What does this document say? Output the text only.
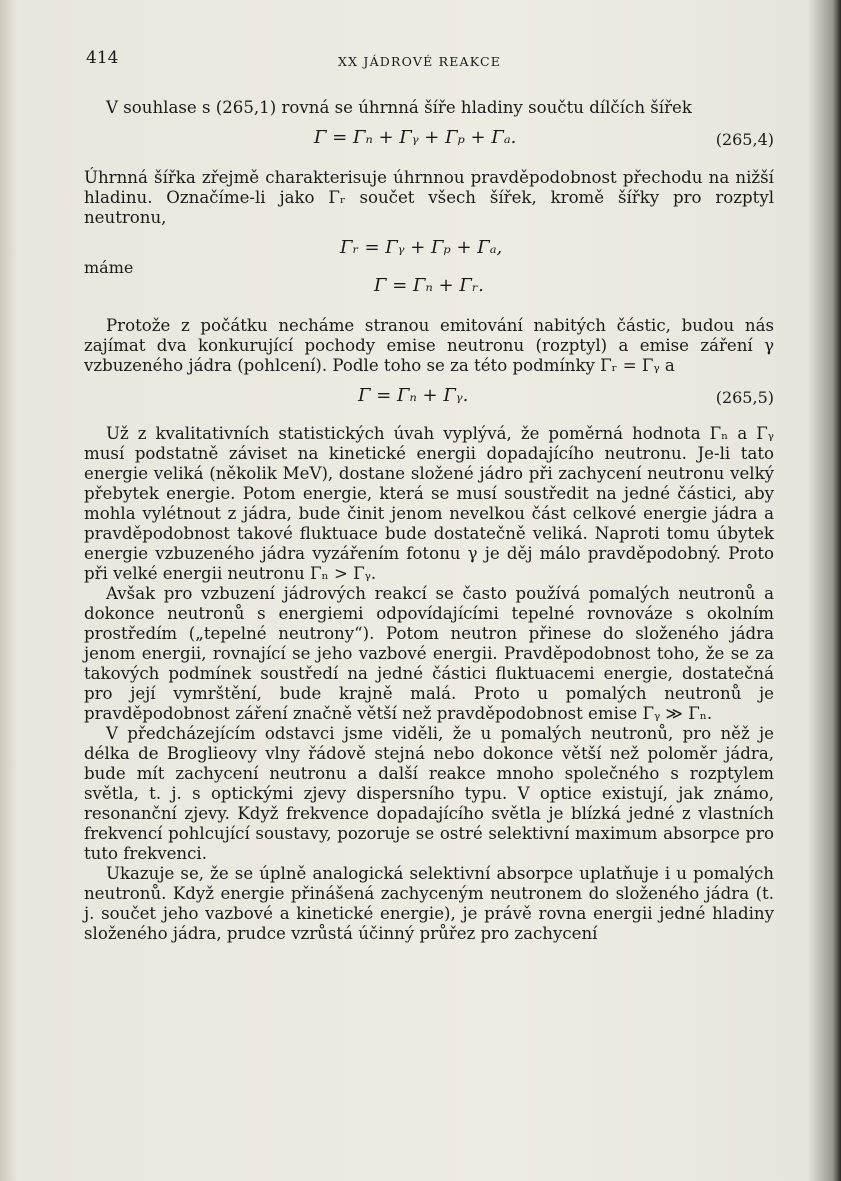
414	XX JÁDROVÉ REAKCE

V souhlase s (265,1) rovná se úhrnná šíře hladiny součtu dílčích šířek

Γ = Γₙ + Γᵧ + Γₚ + Γₐ.	(265,4)

Úhrnná šířka zřejmě charakterisuje úhrnnou pravděpodobnost přechodu na nižší hladinu. Označíme-li jako Γᵣ součet všech šířek, kromě šířky pro rozptyl neutronu,

máme
Γᵣ = Γᵧ + Γₚ + Γₐ,
Γ = Γₙ + Γᵣ.

Protože z počátku necháme stranou emitování nabitých částic, budou nás zajímat dva konkurující pochody emise neutronu (rozptyl) a emise záření γ vzbuzeného jádra (pohlcení). Podle toho se za této podmínky Γᵣ = Γᵧ a

Γ = Γₙ + Γᵧ.	(265,5)

Už z kvalitativních statistických úvah vyplývá, že poměrná hodnota Γₙ a Γᵧ musí podstatně záviset na kinetické energii dopadajícího neutronu. Je-li tato energie veliká (několik MeV), dostane složené jádro při zachycení neutronu velký přebytek energie. Potom energie, která se musí soustředit na jedné částici, aby mohla vylétnout z jádra, bude činit jenom nevelkou část celkové energie jádra a pravděpodobnost takové fluktuace bude dostatečně veliká. Naproti tomu úbytek energie vzbuzeného jádra vyzářením fotonu γ je děj málo pravděpodobný. Proto při velké energii neutronu Γₙ > Γᵧ.

Avšak pro vzbuzení jádrových reakcí se často používá pomalých neutronů a dokonce neutronů s energiemi odpovídajícími tepelné rovnováze s okolním prostředím („tepelné neutrony“). Potom neutron přinese do složeného jádra jenom energii, rovnající se jeho vazbové energii. Pravděpodobnost toho, že se za takových podmínek soustředí na jedné částici fluktuacemi energie, dostatečná pro její vymrštění, bude krajně malá. Proto u pomalých neutronů je pravděpodobnost záření značně větší než pravděpodobnost emise Γᵧ ≫ Γₙ.

V předcházejícím odstavci jsme viděli, že u pomalých neutronů, pro něž je délka de Broglieovy vlny řádově stejná nebo dokonce větší než poloměr jádra, bude mít zachycení neutronu a další reakce mnoho společného s rozptylem světla, t. j. s optickými zjevy dispersního typu. V optice existují, jak známo, resonanční zjevy. Když frekvence dopadajícího světla je blízká jedné z vlastních frekvencí pohlcující soustavy, pozoruje se ostré selektivní maximum absorpce pro tuto frekvenci.

Ukazuje se, že se úplně analogická selektivní absorpce uplatňuje i u pomalých neutronů. Když energie přinášená zachyceným neutronem do složeného jádra (t. j. součet jeho vazbové a kinetické energie), je právě rovna energii jedné hladiny složeného jádra, prudce vzrůstá účinný průřez pro zachycení
